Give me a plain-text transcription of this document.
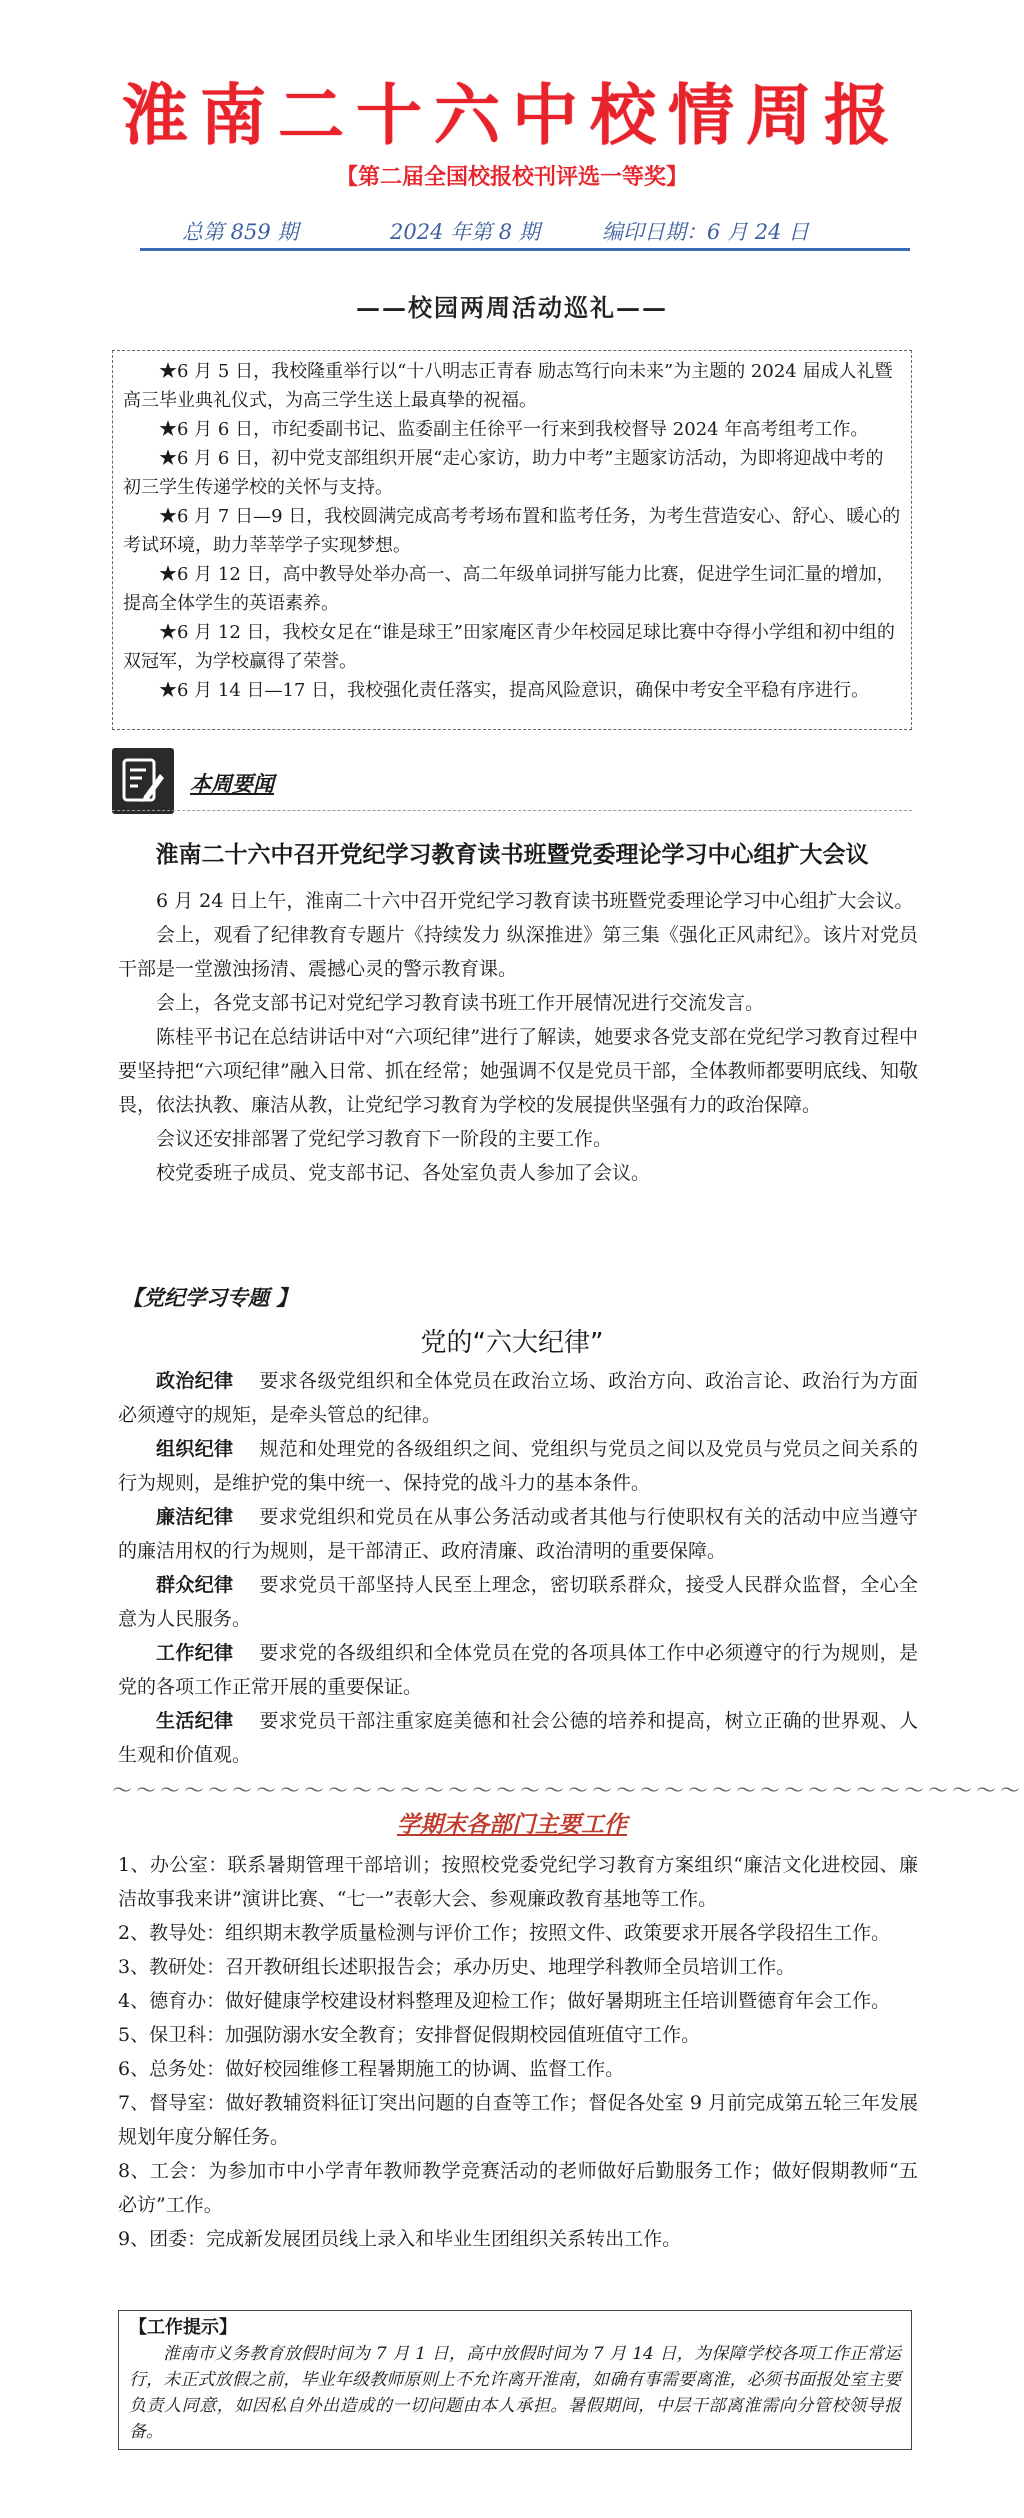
淮南二十六中校情周报
【第二届全国校报校刊评选一等奖】
总第 859 期	2024 年第 8 期	编印日期：6 月 24 日
——校园两周活动巡礼——
★6 月 5 日，我校隆重举行以“十八明志正青春 励志笃行向未来”为主题的 2024 届成人礼暨高三毕业典礼仪式，为高三学生送上最真挚的祝福。
★6 月 6 日，市纪委副书记、监委副主任徐平一行来到我校督导 2024 年高考组考工作。
★6 月 6 日，初中党支部组织开展“走心家访，助力中考”主题家访活动，为即将迎战中考的初三学生传递学校的关怀与支持。
★6 月 7 日—9 日，我校圆满完成高考考场布置和监考任务，为考生营造安心、舒心、暖心的考试环境，助力莘莘学子实现梦想。
★6 月 12 日，高中教导处举办高一、高二年级单词拼写能力比赛，促进学生词汇量的增加，提高全体学生的英语素养。
★6 月 12 日，我校女足在“谁是球王”田家庵区青少年校园足球比赛中夺得小学组和初中组的双冠军，为学校赢得了荣誉。
★6 月 14 日—17 日，我校强化责任落实，提高风险意识，确保中考安全平稳有序进行。
本周要闻
淮南二十六中召开党纪学习教育读书班暨党委理论学习中心组扩大会议
6 月 24 日上午，淮南二十六中召开党纪学习教育读书班暨党委理论学习中心组扩大会议。
会上，观看了纪律教育专题片《持续发力 纵深推进》第三集《强化正风肃纪》。该片对党员干部是一堂激浊扬清、震撼心灵的警示教育课。
会上，各党支部书记对党纪学习教育读书班工作开展情况进行交流发言。
陈桂平书记在总结讲话中对“六项纪律”进行了解读，她要求各党支部在党纪学习教育过程中要坚持把“六项纪律”融入日常、抓在经常；她强调不仅是党员干部，全体教师都要明底线、知敬畏，依法执教、廉洁从教，让党纪学习教育为学校的发展提供坚强有力的政治保障。
会议还安排部署了党纪学习教育下一阶段的主要工作。
校党委班子成员、党支部书记、各处室负责人参加了会议。
【党纪学习专题 】
党的“六大纪律”
政治纪律　 要求各级党组织和全体党员在政治立场、政治方向、政治言论、政治行为方面必须遵守的规矩，是牵头管总的纪律。
组织纪律　 规范和处理党的各级组织之间、党组织与党员之间以及党员与党员之间关系的行为规则，是维护党的集中统一、保持党的战斗力的基本条件。
廉洁纪律　 要求党组织和党员在从事公务活动或者其他与行使职权有关的活动中应当遵守的廉洁用权的行为规则，是干部清正、政府清廉、政治清明的重要保障。
群众纪律　 要求党员干部坚持人民至上理念，密切联系群众，接受人民群众监督，全心全意为人民服务。
工作纪律　 要求党的各级组织和全体党员在党的各项具体工作中必须遵守的行为规则，是党的各项工作正常开展的重要保证。
生活纪律　 要求党员干部注重家庭美德和社会公德的培养和提高，树立正确的世界观、人生观和价值观。
～～～～～～～～～～～～～～～～～～～～～～～～～～～～～～～～～～～～～～
学期末各部门主要工作
1、办公室：联系暑期管理干部培训；按照校党委党纪学习教育方案组织“廉洁文化进校园、廉洁故事我来讲”演讲比赛、“七一”表彰大会、参观廉政教育基地等工作。
2、教导处：组织期末教学质量检测与评价工作；按照文件、政策要求开展各学段招生工作。
3、教研处：召开教研组长述职报告会；承办历史、地理学科教师全员培训工作。
4、德育办：做好健康学校建设材料整理及迎检工作；做好暑期班主任培训暨德育年会工作。
5、保卫科：加强防溺水安全教育；安排督促假期校园值班值守工作。
6、总务处：做好校园维修工程暑期施工的协调、监督工作。
7、督导室：做好教辅资料征订突出问题的自查等工作；督促各处室 9 月前完成第五轮三年发展规划年度分解任务。
8、工会：为参加市中小学青年教师教学竞赛活动的老师做好后勤服务工作；做好假期教师“五必访”工作。
9、团委：完成新发展团员线上录入和毕业生团组织关系转出工作。
【工作提示】
淮南市义务教育放假时间为 7 月 1 日，高中放假时间为 7 月 14 日，为保障学校各项工作正常运行，未正式放假之前，毕业年级教师原则上不允许离开淮南，如确有事需要离淮，必须书面报处室主要负责人同意，如因私自外出造成的一切问题由本人承担。暑假期间，中层干部离淮需向分管校领导报备。
